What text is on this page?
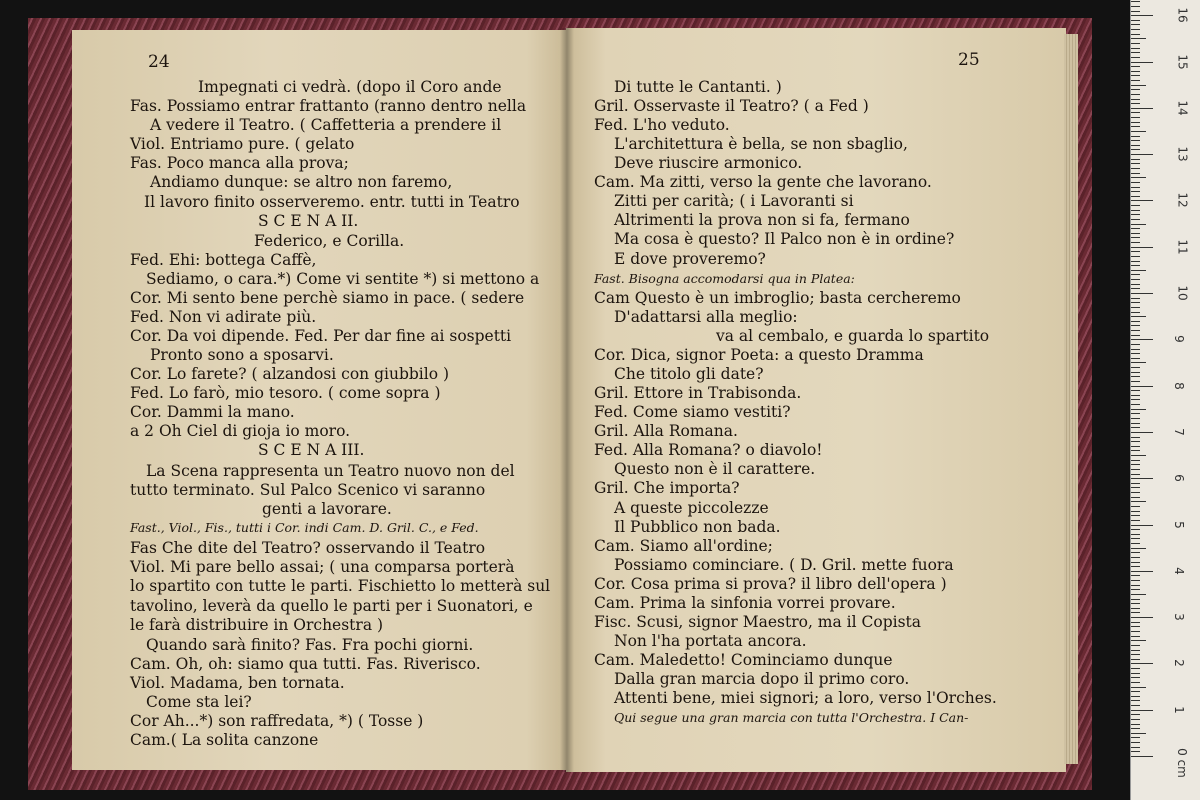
24
Impegnati ci vedrà. (dopo il Coro ande
Fas. Possiamo entrar frattanto (ranno dentro nella
A vedere il Teatro. ( Caffetteria a prendere il
Viol. Entriamo pure. ( gelato
Fas. Poco manca alla prova;
Andiamo dunque: se altro non faremo,
Il lavoro finito osserveremo. entr. tutti in Teatro
S C E N A II.
Federico, e Corilla.
Fed. Ehi: bottega Caffè,
Sediamo, o cara.*) Come vi sentite *) si mettono a
Cor. Mi sento bene perchè siamo in pace. ( sedere
Fed. Non vi adirate più.
Cor. Da voi dipende. Fed. Per dar fine ai sospetti
Pronto sono a sposarvi.
Cor. Lo farete? ( alzandosi con giubbilo )
Fed. Lo farò, mio tesoro. ( come sopra )
Cor. Dammi la mano.
a 2 Oh Ciel di gioja io moro.
S C E N A III.
La Scena rappresenta un Teatro nuovo non del
tutto terminato. Sul Palco Scenico vi saranno
genti a lavorare.
Fast., Viol., Fis., tutti i Cor. indi Cam. D. Gril. C., e Fed.
Fas Che dite del Teatro? osservando il Teatro
Viol. Mi pare bello assai; ( una comparsa porterà
lo spartito con tutte le parti. Fischietto lo metterà sul
tavolino, leverà da quello le parti per i Suonatori, e
le farà distribuire in Orchestra )
Quando sarà finito? Fas. Fra pochi giorni.
Cam. Oh, oh: siamo qua tutti. Fas. Riverisco.
Viol. Madama, ben tornata.
Come sta lei?
Cor Ah...*) son raffredata, *) ( Tosse )
Cam.( La solita canzone
25
Di tutte le Cantanti. )
Gril. Osservaste il Teatro? ( a Fed )
Fed. L'ho veduto.
L'architettura è bella, se non sbaglio,
Deve riuscire armonico.
Cam. Ma zitti, verso la gente che lavorano.
Zitti per carità; ( i Lavoranti si
Altrimenti la prova non si fa, fermano
Ma cosa è questo? Il Palco non è in ordine?
E dove proveremo?
Fast. Bisogna accomodarsi qua in Platea:
Cam Questo è un imbroglio; basta cercheremo
D'adattarsi alla meglio:
va al cembalo, e guarda lo spartito
Cor. Dica, signor Poeta: a questo Dramma
Che titolo gli date?
Gril. Ettore in Trabisonda.
Fed. Come siamo vestiti?
Gril. Alla Romana.
Fed. Alla Romana? o diavolo!
Questo non è il carattere.
Gril. Che importa?
A queste piccolezze
Il Pubblico non bada.
Cam. Siamo all'ordine;
Possiamo cominciare. ( D. Gril. mette fuora
Cor. Cosa prima si prova? il libro dell'opera )
Cam. Prima la sinfonia vorrei provare.
Fisc. Scusi, signor Maestro, ma il Copista
Non l'ha portata ancora.
Cam. Maledetto! Cominciamo dunque
Dalla gran marcia dopo il primo coro.
Attenti bene, miei signori; a loro, verso l'Orches.
Qui segue una gran marcia con tutta l'Orchestra. I Can-
1
2
3
4
5
6
7
8
9
10
11
12
13
14
15
16
0 cm
